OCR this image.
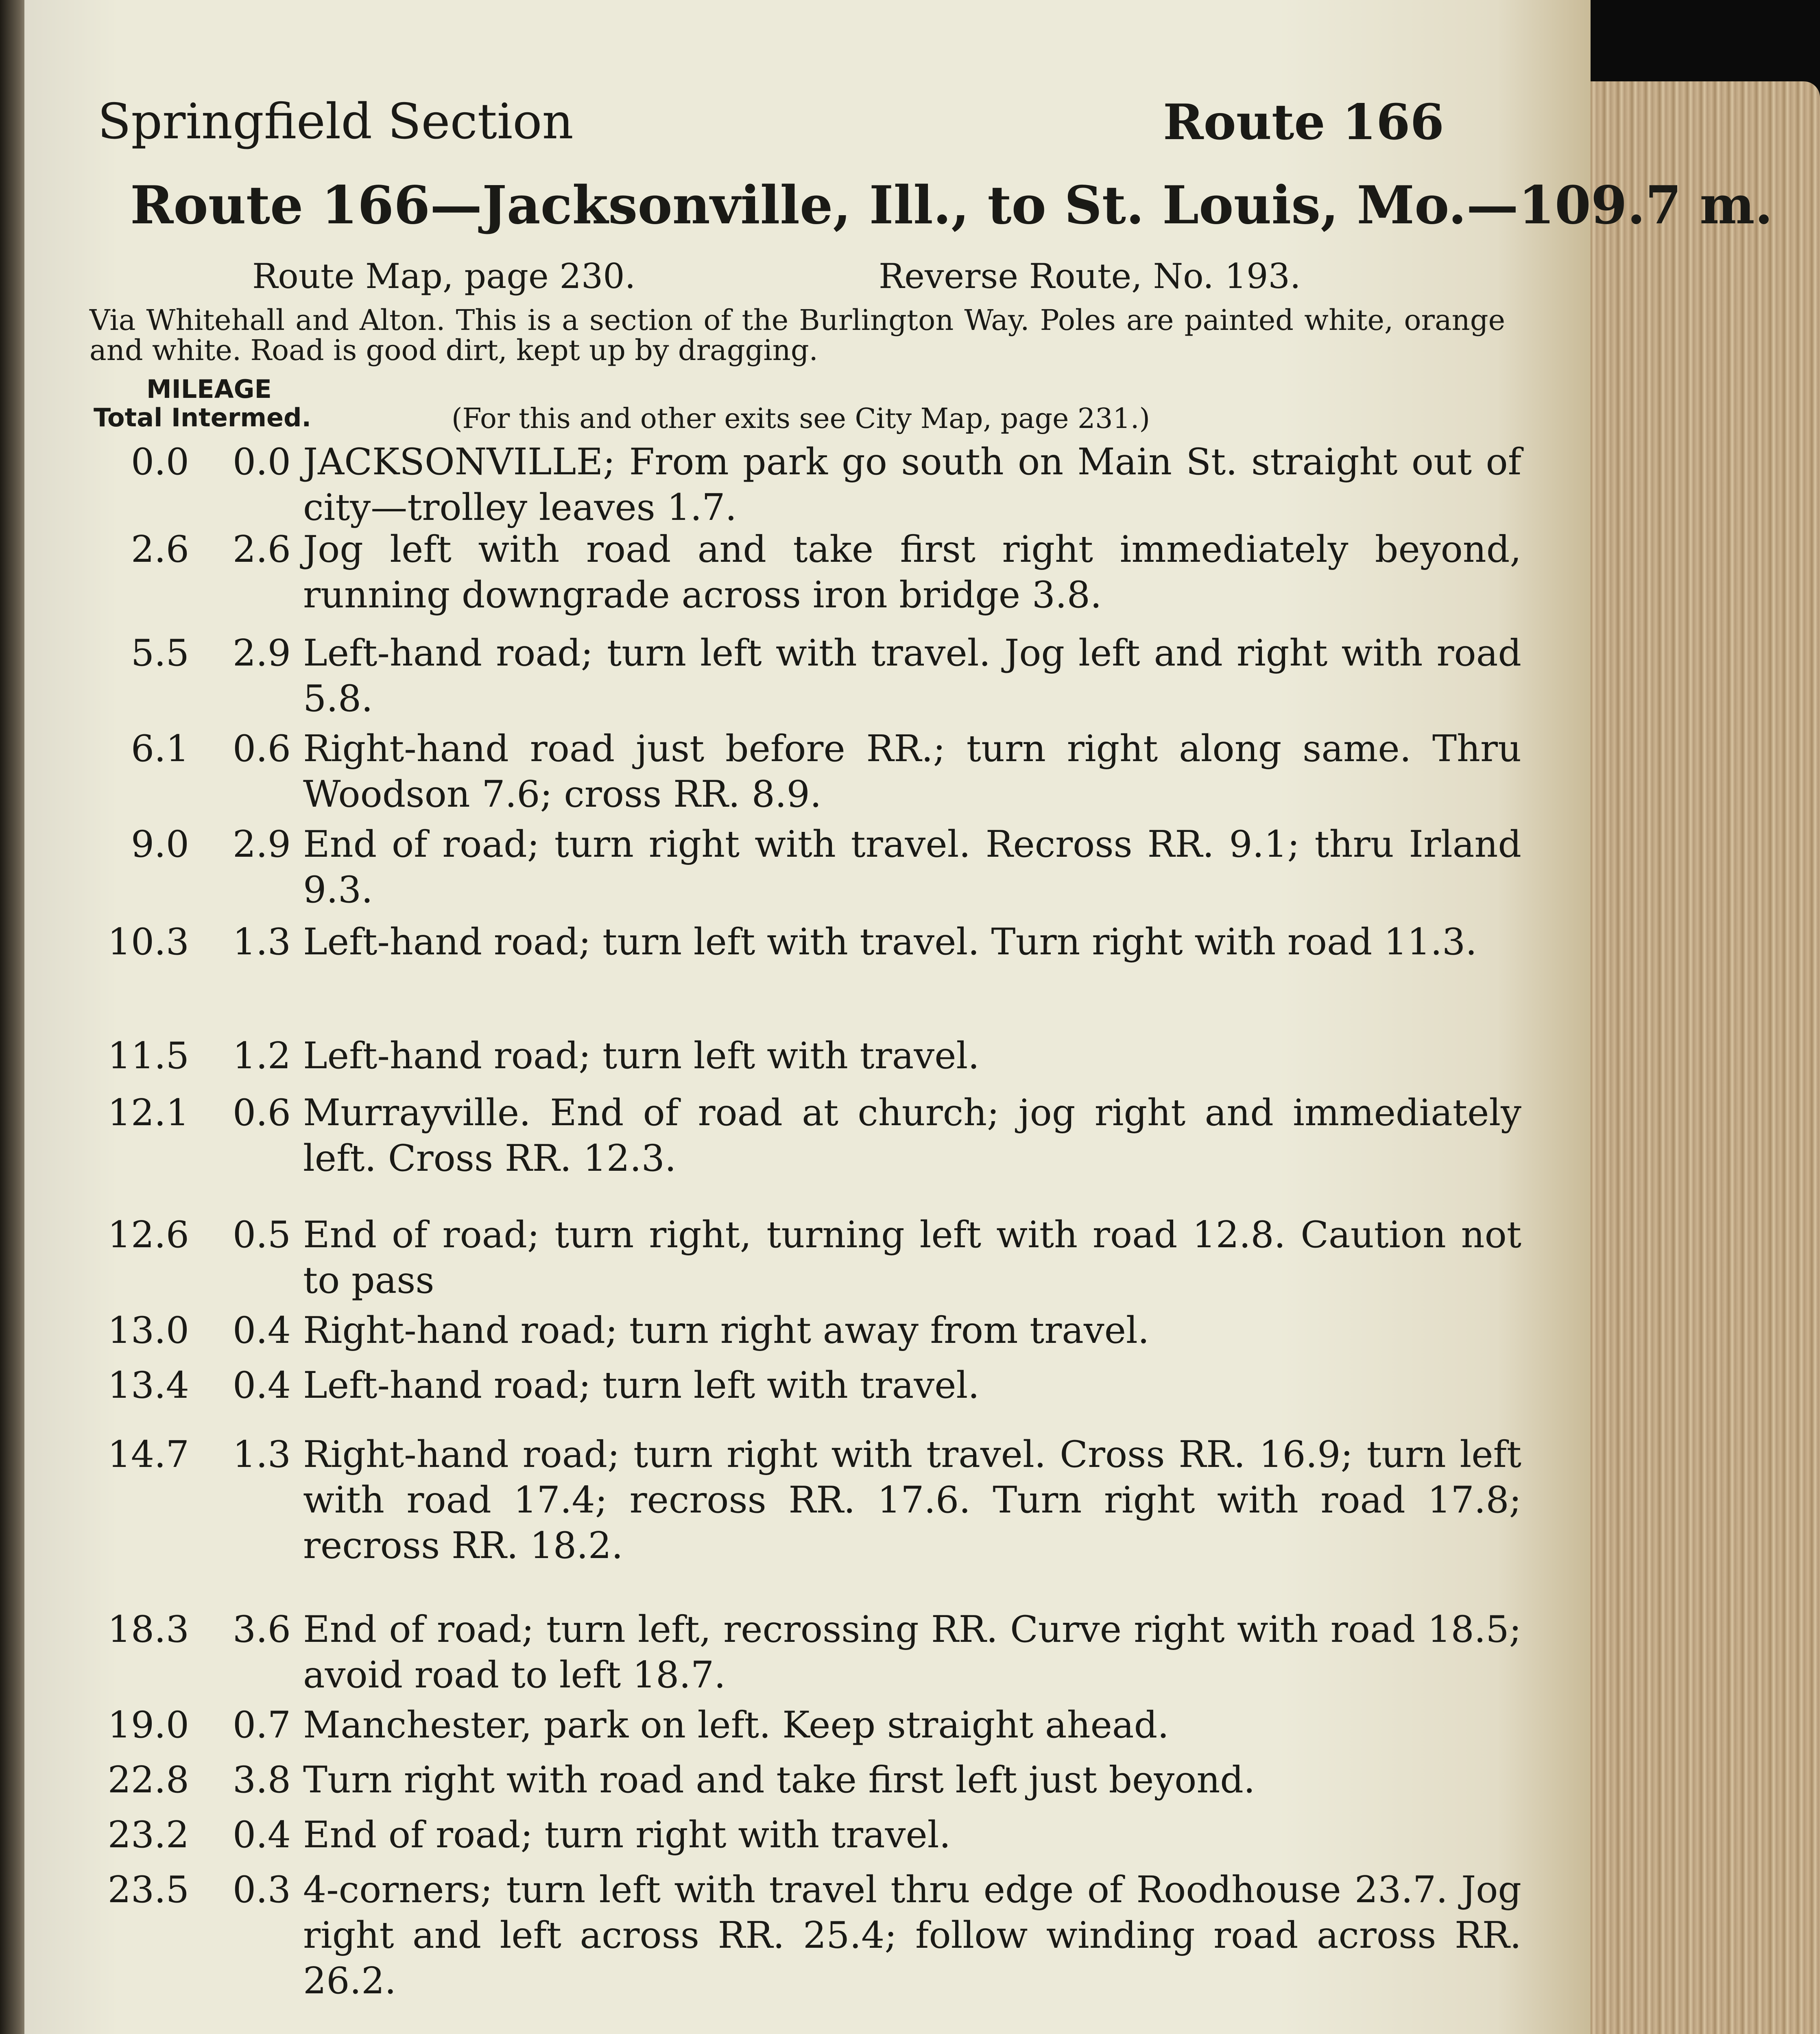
Springfield Section	Route 166
Route 166—Jacksonville, Ill., to St. Louis, Mo.—109.7 m.
Route Map, page 230.	Reverse Route, No. 193.
Via Whitehall and Alton. This is a section of the Burlington Way. Poles are painted white, orange and white. Road is good dirt, kept up by dragging.
MILEAGE
Total Intermed.	(For this and other exits see City Map, page 231.)
0.0	0.0 JACKSONVILLE; From park go south on Main St. straight out of city—trolley leaves 1.7.
2.6	2.6 Jog left with road and take first right immediately beyond, running downgrade across iron bridge 3.8.
5.5	2.9 Left-hand road; turn left with travel. Jog left and right with road 5.8.
6.1	0.6 Right-hand road just before RR.; turn right along same. Thru Woodson 7.6; cross RR. 8.9.
9.0	2.9 End of road; turn right with travel. Recross RR. 9.1; thru Irland 9.3.
10.3	1.3 Left-hand road; turn left with travel. Turn right with road 11.3.
11.5	1.2 Left-hand road; turn left with travel.
12.1	0.6 Murrayville. End of road at church; jog right and immediately left. Cross RR. 12.3.
12.6	0.5 End of road; turn right, turning left with road 12.8. Caution not to pass
13.0	0.4 Right-hand road; turn right away from travel.
13.4	0.4 Left-hand road; turn left with travel.
14.7	1.3 Right-hand road; turn right with travel. Cross RR. 16.9; turn left with road 17.4; recross RR. 17.6. Turn right with road 17.8; recross RR. 18.2.
18.3	3.6 End of road; turn left, recrossing RR. Curve right with road 18.5; avoid road to left 18.7.
19.0	0.7 Manchester, park on left. Keep straight ahead.
22.8	3.8 Turn right with road and take first left just beyond.
23.2	0.4 End of road; turn right with travel.
23.5	0.3 4-corners; turn left with travel thru edge of Roodhouse 23.7. Jog right and left across RR. 25.4; follow winding road across RR. 26.2.
